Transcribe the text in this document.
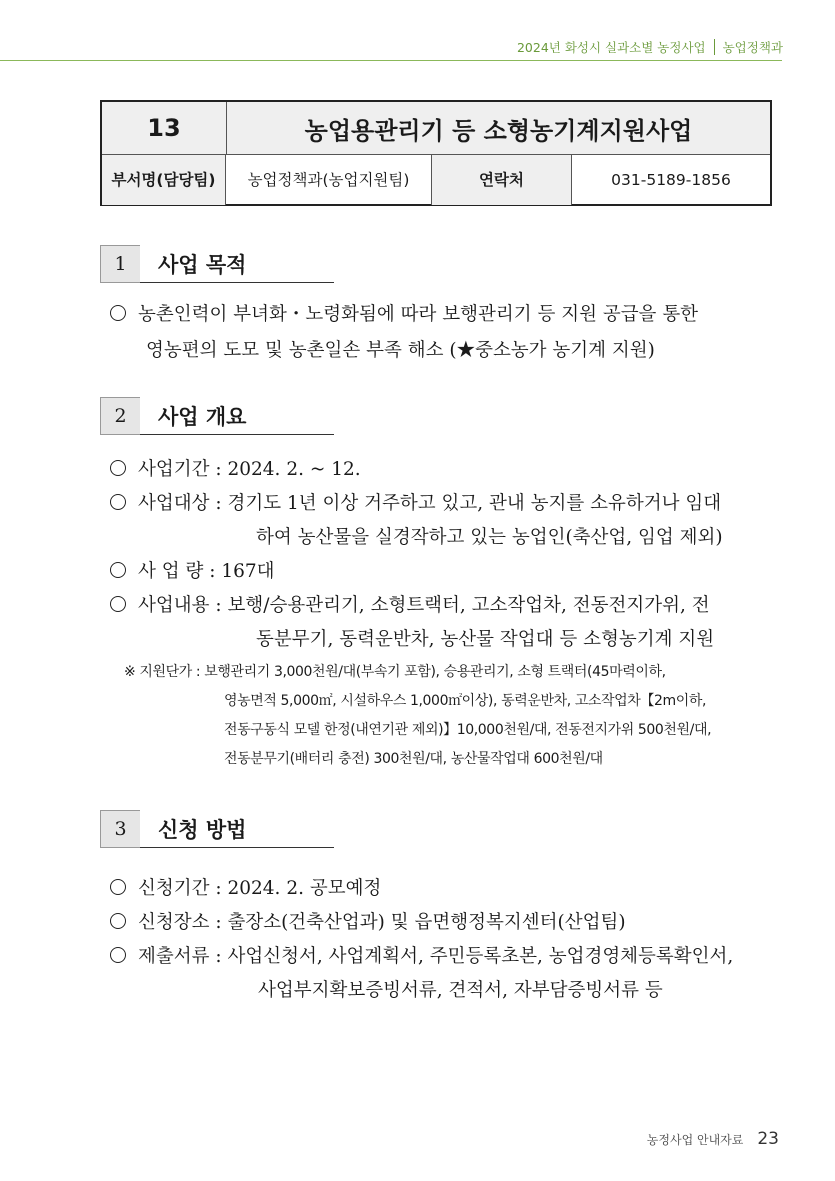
2024년 화성시 실과소별 농정사업 농업정책과
13	농업용관리기 등 소형농기계지원사업
부서명 (담당팀) 농업정책과 (농업지원팀)	연락처	031-5189-1856
1	사업 목적
농촌인력이 부녀화・노령화됨에 따라 보행관리기 등 지원 공급을 통한
영농편의 도모 및 농촌일손 부족 해소 (★중소농가 농기계 지원)
2	사업 개요
사업기간 : 2024. 2. ~ 12.
사업대상 : 경기도 1년 이상 거주하고 있고, 관내 농지를 소유하거나 임대
하여 농산물을 실경작하고 있는 농업인(축산업, 임업 제외)
사 업 량 : 167대
사업내용 : 보행/승용관리기, 소형트랙터, 고소작업차, 전동전지가위, 전
동분무기, 동력운반차, 농산물 작업대 등 소형농기계 지원
※ 지원단가 : 보행관리기 3,000천원/대(부속기 포함), 승용관리기, 소형 트랙터(45마력이하,
영농면적 5,000㎡, 시설하우스 1,000㎡이상), 동력운반차, 고소작업차【2m이하,
전동구동식 모델 한정(내연기관 제외)】10,000천원/대, 전동전지가위 500천원/대,
전동분무기(배터리 충전) 300천원/대, 농산물작업대 600천원/대
3	신청 방법
신청기간 : 2024. 2. 공모예정
신청장소 : 출장소(건축산업과) 및 읍면행정복지센터(산업팀)
제출서류 : 사업신청서, 사업계획서, 주민등록초본, 농업경영체등록확인서,
사업부지확보증빙서류, 견적서, 자부담증빙서류 등
농정사업 안내자료 23
